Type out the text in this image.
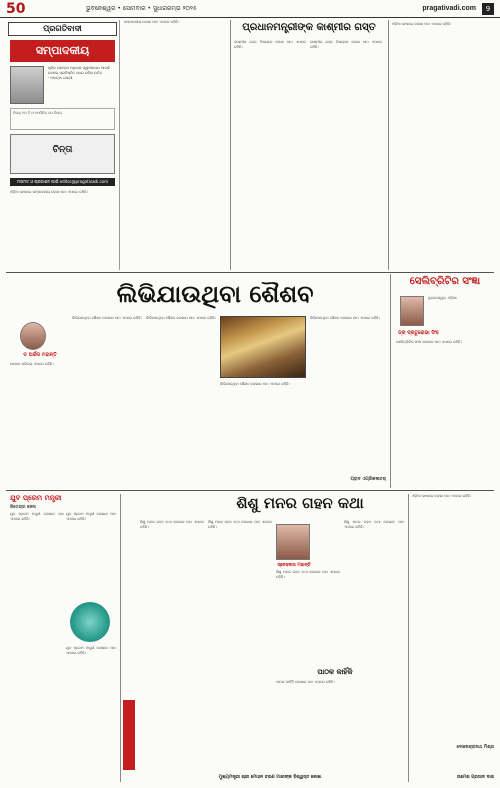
50	ଭୁବନେଶ୍ୱର • ସୋମବାର • ସୁଧାରରମ୍ଭ ୨୦୨୫	pragativadi.com	9
ପ୍ରଗତିବାଦୀ
ସମ୍ପାଦକୀୟ
ଧୂଳିର ସେବକର ଅଧିକାର ସ୍ୱାଧୀନତାର ଆଦର୍ଶ ଉପରେ ପ୍ରତିଷ୍ଠିତ ହୋଇ ରହିବା ଉଚିତ
- ମହାତ୍ମା ଗାନ୍ଧୀ
ନିଉଜ୍ ୧୦ ଟି ଓ ୧୦ମିନିଟ୍ ରେ ନିଉଜ୍
ଚିନ୍ତା
ମତାମତ ଓ ପ୍ରକାଶନ ପାଇଁ editor@pragativadi.com
ଓଡ଼ିଆ ଭାଷାରେ ସମ୍ପାଦକୀୟ ଲେଖା ପାଠ ଏଠାରେ ରହିଛି।
ସମ୍ପାଦକୀୟ ଲେଖା ପାଠ ଏଠାରେ ରହିଛି।	ପ୍ରଧାନମନ୍ତ୍ରୀଙ୍କ କାଶ୍ମୀର ଗସ୍ତ
କାଶ୍ମୀର ଗସ୍ତ ବିଷୟରେ ଲେଖା ପାଠ ଏଠାରେ ରହିଛି।
କାଶ୍ମୀର ଗସ୍ତ ବିଷୟରେ ଲେଖା ପାଠ ଏଠାରେ ରହିଛି।
ଓଡ଼ିଆ ଭାଷାରେ ଲେଖା ପାଠ ଏଠାରେ ରହିଛି।
ଲିଭିଯାଉଥିବା ଶୈଶବ
ଡ ଅର୍ଚ୍ଚନା ମହାନ୍ତି
ଲେଖକ ପରିଚୟ ଏଠାରେ ରହିଛି।
ଲିଭିଯାଉଥିବା ଶୈଶବ ଲେଖାର ପାଠ ଏଠାରେ ରହିଛି। ଲିଭିଯାଉଥିବା ଶୈଶବ ଲେଖାର ପାଠ ଏଠାରେ ରହିଛି।
ଲିଭିଯାଉଥିବା ଶୈଶବ ଲେଖାର ପାଠ ଏଠାରେ ରହିଛି।
ଲିଭିଯାଉଥିବା ଶୈଶବ ଲେଖାର ପାଠ ଏଠାରେ ରହିଛି।
ପ୍ରାଦ ଏଗ୍ରିକଲଚର୍
ସେଲିବ୍ରିଟିର ସଂଜ୍ଞା
ଡ୍ର ଦ୍ରତୁରୋଭା ସିଂହ
ଭୂବନେଶ୍ୱର, ଓଡ଼ିଶା
ସେଲିବ୍ରିଟିର ସଂଜ୍ଞା ଲେଖାର ପାଠ ଏଠାରେ ରହିଛି।
ଯୁବ ପ୍ରେମ ମନ୍ତ୍ରୀ
ଜିତେନ୍ଦ୍ର ଜେନା
ଯୁବ ପ୍ରେମ ମନ୍ତ୍ରୀ ଲେଖାର ପାଠ ଏଠାରେ ରହିଛି।
ଯୁବ ପ୍ରେମ ମନ୍ତ୍ରୀ ଲେଖାର ପାଠ ଏଠାରେ ରହିଛି।
ଯୁବ ପ୍ରେମ ମନ୍ତ୍ରୀ ଲେଖାର ପାଠ ଏଠାରେ ରହିଛି।
ଶିଶୁ ମନର ଗହନ କଥା
ଶିଶୁ ମନର ଗହନ କଥା ଲେଖାର ପାଠ ଏଠାରେ ରହିଛି।
ଶିଶୁ ମନର ଗହନ କଥା ଲେଖାର ପାଠ ଏଠାରେ ରହିଛି।
ସ୍ନେହଲତା ମହାନ୍ତି
ଶିଶୁ ମନର ଗହନ କଥା ଲେଖାର ପାଠ ଏଠାରେ ରହିଛି।
ପାଠକ କାହିଁକି
ପାଠକ କାହିଁକି ଲେଖାର ପାଠ ଏଠାରେ ରହିଛି।
ଶିଶୁ ମନର ଗହନ କଥା ଲେଖାର ପାଠ ଏଠାରେ ରହିଛି।
ଓଡ଼ିଆ ଭାଷାରେ ଲେଖା ପାଠ ଏଠାରେ ରହିଛି।
ଦୋଳେନ୍ଦ୍ରନାଥ ମିଶ୍ର
ମୁଖ୍ୟମନ୍ତ୍ରୀ ଶ୍ରୀ ମୋହନ ଚରଣ ମାଝୀଙ୍କ ବିଶ୍ୱସ୍ତ ଲେଖା	ଉମେଶ ପ୍ରସାଦ ଦାଶ
